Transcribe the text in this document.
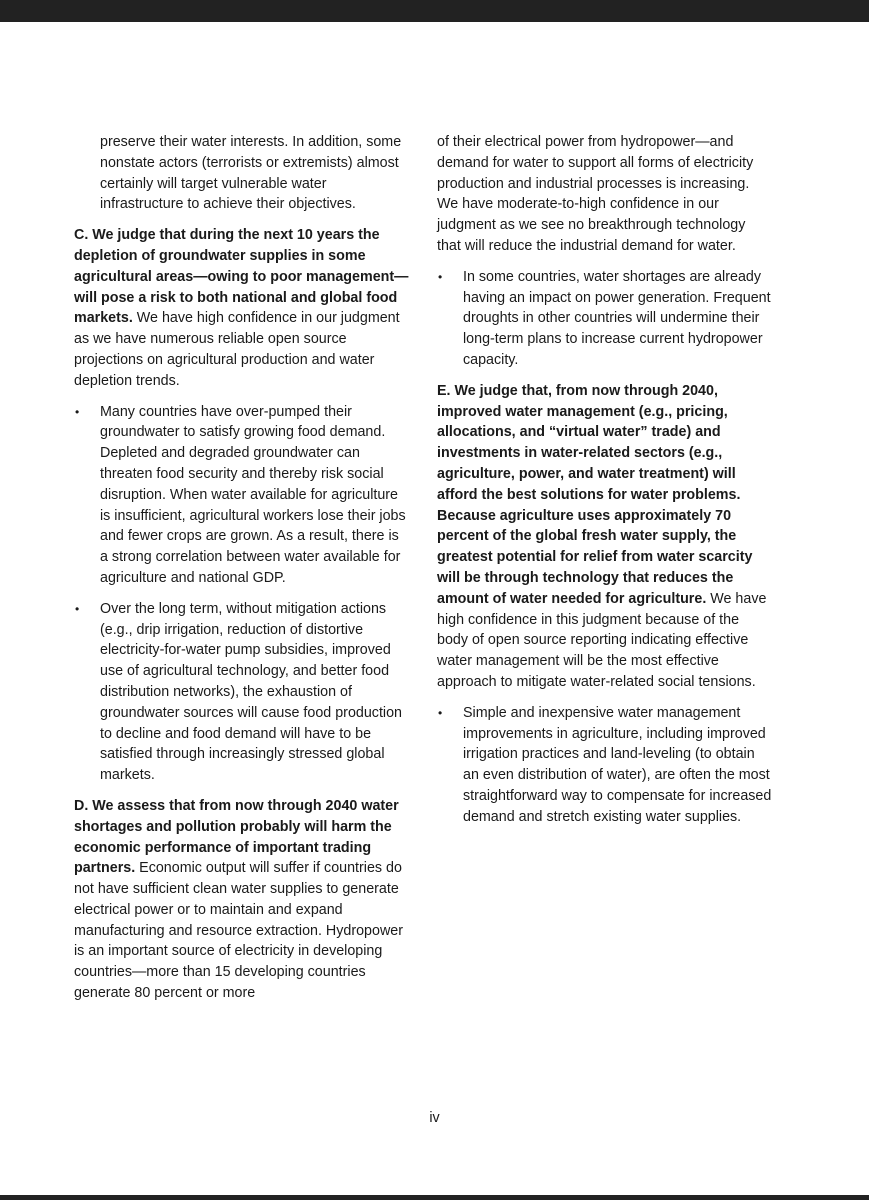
preserve their water interests. In addition, some nonstate actors (terrorists or extremists) almost certainly will target vulnerable water infrastructure to achieve their objectives.

C. We judge that during the next 10 years the depletion of groundwater supplies in some agricultural areas—owing to poor management—will pose a risk to both national and global food markets. We have high confidence in our judgment as we have numerous reliable open source projections on agricultural production and water depletion trends.

• Many countries have over-pumped their groundwater to satisfy growing food demand. Depleted and degraded groundwater can threaten food security and thereby risk social disruption. When water available for agriculture is insufficient, agricultural workers lose their jobs and fewer crops are grown. As a result, there is a strong correlation between water available for agriculture and national GDP.
• Over the long term, without mitigation actions (e.g., drip irrigation, reduction of distortive electricity-for-water pump subsidies, improved use of agricultural technology, and better food distribution networks), the exhaustion of groundwater sources will cause food production to decline and food demand will have to be satisfied through increasingly stressed global markets.

D. We assess that from now through 2040 water shortages and pollution probably will harm the economic performance of important trading partners. Economic output will suffer if countries do not have sufficient clean water supplies to generate electrical power or to maintain and expand manufacturing and resource extraction. Hydropower is an important source of electricity in developing countries—more than 15 developing countries generate 80 percent or more

of their electrical power from hydropower—and demand for water to support all forms of electricity production and industrial processes is increasing. We have moderate-to-high confidence in our judgment as we see no breakthrough technology that will reduce the industrial demand for water.

• In some countries, water shortages are already having an impact on power generation. Frequent droughts in other countries will undermine their long-term plans to increase current hydropower capacity.

E. We judge that, from now through 2040, improved water management (e.g., pricing, allocations, and “virtual water” trade) and investments in water-related sectors (e.g., agriculture, power, and water treatment) will afford the best solutions for water problems. Because agriculture uses approximately 70 percent of the global fresh water supply, the greatest potential for relief from water scarcity will be through technology that reduces the amount of water needed for agriculture. We have high confidence in this judgment because of the body of open source reporting indicating effective water management will be the most effective approach to mitigate water-related social tensions.

• Simple and inexpensive water management improvements in agriculture, including improved irrigation practices and land-leveling (to obtain an even distribution of water), are often the most straightforward way to compensate for increased demand and stretch existing water supplies.
iv
